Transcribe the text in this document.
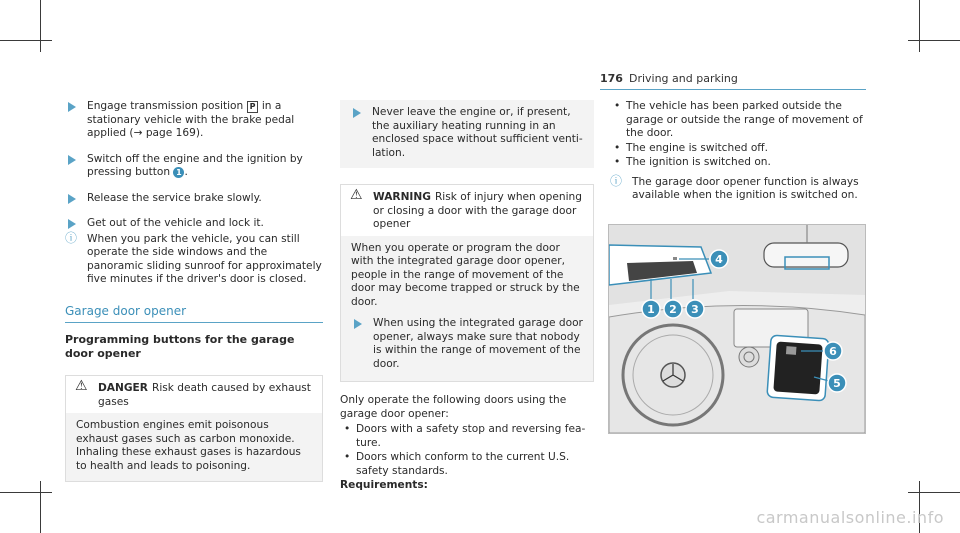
176 Driving and parking
Engage transmission position P in a stationary vehicle with the brake pedal applied (→ page 169).
Switch off the engine and the ignition by pressing button 1 .
Release the service brake slowly.
Get out of the vehicle and lock it.
ⓘ When you park the vehicle, you can still operate the side windows and the panoramic sliding sunroof for approximately five minutes if the driver's door is closed.
Garage door opener
Programming buttons for the garage door opener
⚠ DANGER Risk death caused by exhaust gases
Combustion engines emit poisonous exhaust gases such as carbon monoxide. Inhaling these exhaust gases is hazardous to health and leads to poisoning.
Never leave the engine or, if present, the auxiliary heating running in an enclosed space without sufficient ventilation.
⚠ WARNING Risk of injury when opening or closing a door with the garage door opener
When you operate or program the door with the integrated garage door opener, people in the range of movement of the door may become trapped or struck by the door.
When using the integrated garage door opener, always make sure that nobody is within the range of movement of the door.
Only operate the following doors using the garage door opener:
• Doors with a safety stop and reversing feature.
• Doors which conform to the current U.S. safety standards.
Requirements:
• The vehicle has been parked outside the garage or outside the range of movement of the door.
• The engine is switched off.
• The ignition is switched on.
ⓘ The garage door opener function is always available when the ignition is switched on.
1 2 3
4
5
6
carmanualsonline.info
